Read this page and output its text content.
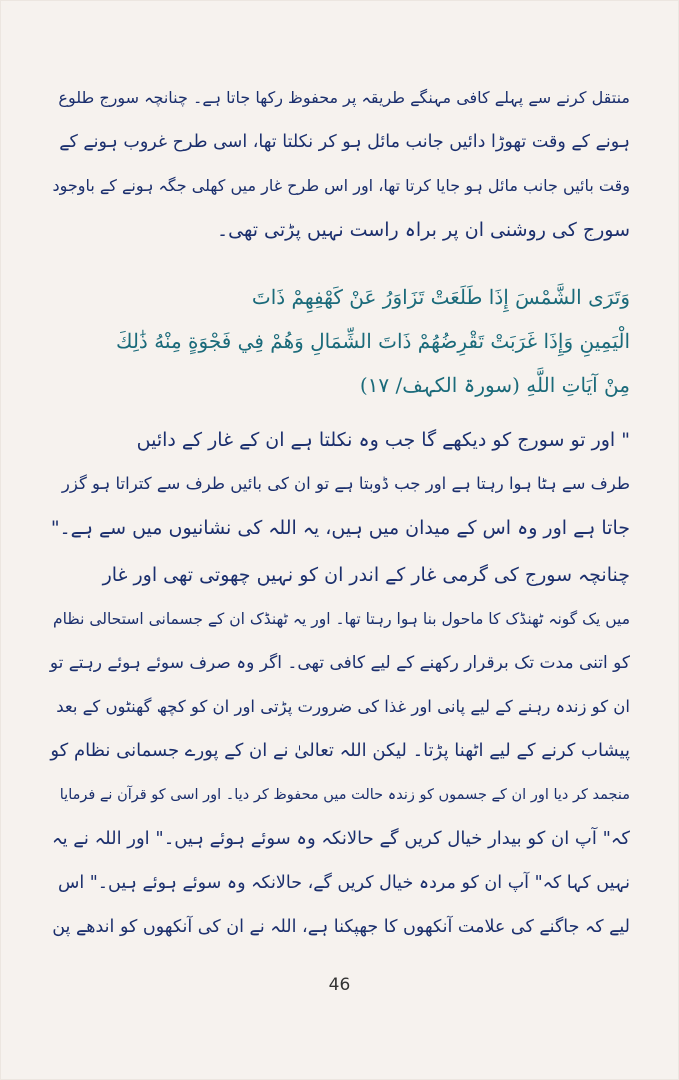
منتقل کرنے سے پہلے کافی مہنگے طریقہ پر محفوظ رکھا جاتا ہے۔ چنانچہ سورج طلوع
ہونے کے وقت تھوڑا دائیں جانب مائل ہو کر نکلتا تھا، اسی طرح غروب ہونے کے
وقت بائیں جانب مائل ہو جایا کرتا تھا، اور اس طرح غار میں کھلی جگہ ہونے کے باوجود
سورج کی روشنی ان پر براہ راست نہیں پڑتی تھی۔
وَتَرَى الشَّمْسَ إِذَا طَلَعَتْ تَزَاوَرُ عَنْ كَهْفِهِمْ ذَاتَ
الْيَمِينِ وَإِذَا غَرَبَتْ تَقْرِضُهُمْ ذَاتَ الشِّمَالِ وَهُمْ فِي فَجْوَةٍ مِنْهُ ذَٰلِكَ
مِنْ آيَاتِ اللَّهِ (سورۃ الکہف/ ۱۷)
" اور تو سورج کو دیکھے گا جب وہ نکلتا ہے ان کے غار کے دائیں
طرف سے ہٹا ہوا رہتا ہے اور جب ڈوبتا ہے تو ان کی بائیں طرف سے کتراتا ہو گزر
جاتا ہے اور وہ اس کے میدان میں ہیں، یہ اللہ کی نشانیوں میں سے ہے۔"
چنانچہ سورج کی گرمی غار کے اندر ان کو نہیں چھوتی تھی اور غار
میں یک گونہ ٹھنڈک کا ماحول بنا ہوا رہتا تھا۔ اور یہ ٹھنڈک ان کے جسمانی استحالی نظام
کو اتنی مدت تک برقرار رکھنے کے لیے کافی تھی۔ اگر وہ صرف سوئے ہوئے رہتے تو
ان کو زندہ رہنے کے لیے پانی اور غذا کی ضرورت پڑتی اور ان کو کچھ گھنٹوں کے بعد
پیشاب کرنے کے لیے اٹھنا پڑتا۔ لیکن اللہ تعالیٰ نے ان کے پورے جسمانی نظام کو
منجمد کر دیا اور ان کے جسموں کو زندہ حالت میں محفوظ کر دیا۔ اور اسی کو قرآن نے فرمایا
کہ" آپ ان کو بیدار خیال کریں گے حالانکہ وہ سوئے ہوئے ہیں۔" اور اللہ نے یہ
نہیں کہا کہ" آپ ان کو مردہ خیال کریں گے، حالانکہ وہ سوئے ہوئے ہیں۔" اس
لیے کہ جاگنے کی علامت آنکھوں کا جھپکنا ہے، اللہ نے ان کی آنکھوں کو اندھے پن
46
